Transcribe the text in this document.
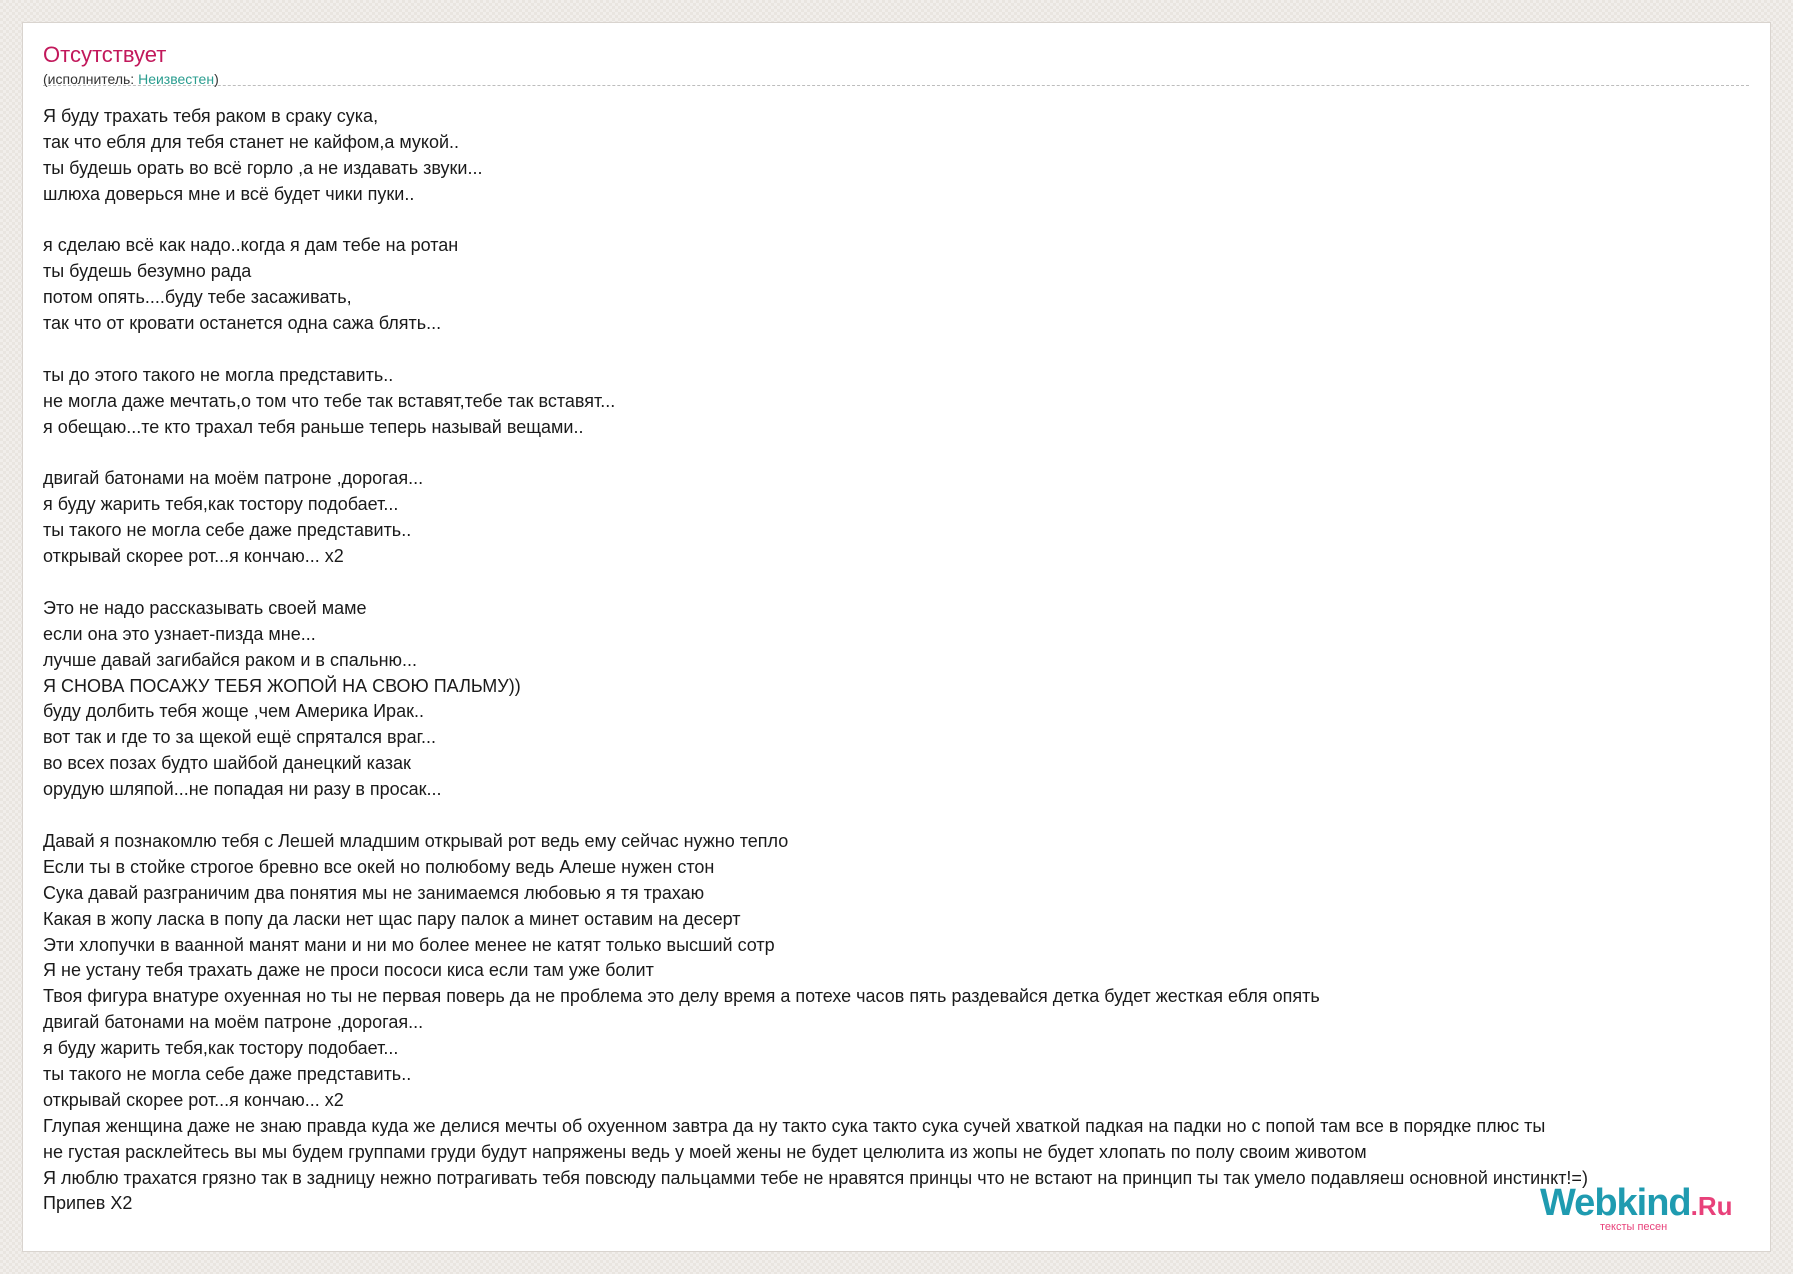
Отсутствует
(исполнитель: Неизвестен)
Я буду трахать тебя раком в сраку сука,
так что ебля для тебя станет не кайфом,а мукой..
ты будешь орать во всё горло ,а не издавать звуки...
шлюха доверься мне и всё будет чики пуки..
я сделаю всё как надо..когда я дам тебе на ротан
ты будешь безумно рада
потом опять....буду тебе засаживать,
так что от кровати останется одна сажа блять...
ты до этого такого не могла представить..
не могла даже мечтать,о том что тебе так вставят,тебе так вставят...
я обещаю...те кто трахал тебя раньше теперь называй вещами..
двигай батонами на моём патроне ,дорогая...
я буду жарить тебя,как тостору подобает...
ты такого не могла себе даже представить..
открывай скорее рот...я кончаю... х2
Это не надо рассказывать своей маме
если она это узнает-пизда мне...
лучше давай загибайся раком и в спальню...
Я СНОВА ПОСАЖУ ТЕБЯ ЖОПОЙ НА СВОЮ ПАЛЬМУ))
буду долбить тебя жоще ,чем Америка Ирак..
вот так и где то за щекой ещё спрятался враг...
во всех позах будто шайбой данецкий казак
орудую шляпой...не попадая ни разу в просак...
Давай я познакомлю тебя с Лешей младшим открывай рот ведь ему сейчас нужно тепло
Если ты в стойке строгое бревно все окей но полюбому ведь Алеше нужен стон
Сука давай разграничим два понятия мы не занимаемся любовью я тя трахаю
Какая в жопу ласка в попу да ласки нет щас пару палок а минет оставим на десерт
Эти хлопучки в ваанной манят мани и ни мо более менее не катят только высший сотр
Я не устану тебя трахать даже не проси пососи киса если там уже болит
Твоя фигура внатуре охуенная но ты не первая поверь да не проблема это делу время а потехе часов пять раздевайся детка будет жесткая ебля опять
двигай батонами на моём патроне ,дорогая...
я буду жарить тебя,как тостору подобает...
ты такого не могла себе даже представить..
открывай скорее рот...я кончаю... х2
Глупая женщина даже не знаю правда куда же делися мечты об охуенном завтра да ну такто сука такто сука сучей хваткой падкая на падки но с попой там все в порядке плюс ты
не густая расклейтесь вы мы будем группами груди будут напряжены ведь у моей жены не будет целюлита из жопы не будет хлопать по полу своим животом
Я люблю трахатся грязно так в задницу нежно потрагивать тебя повсюду пальцамми тебе не нравятся принцы что не встают на принцип ты так умело подавляеш основной инстинкт!=)
Припев Х2	Webkind.Ru
тексты песен
